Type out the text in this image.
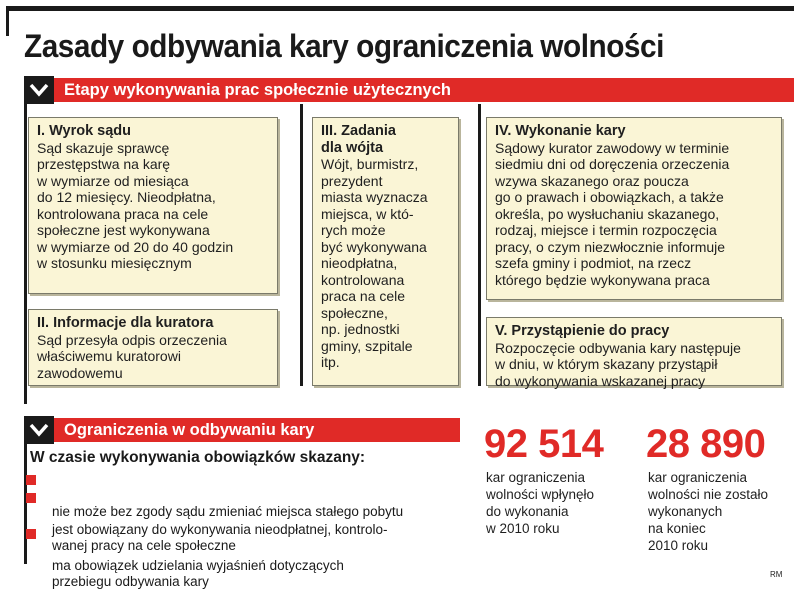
Zasady odbywania kary ograniczenia wolności
Etapy wykonywania prac społecznie użytecznych
I. Wyrok sądu
Sąd skazuje sprawcę
przestępstwa na karę
w wymiarze od miesiąca
do 12 miesięcy. Nieodpłatna,
kontrolowana praca na cele
społeczne jest wykonywana
w wymiarze od 20 do 40 godzin
w stosunku miesięcznym
II. Informacje dla kuratora
Sąd przesyła odpis orzeczenia
właściwemu kuratorowi
zawodowemu
III. Zadania
dla wójta
Wójt, burmistrz,
prezydent
miasta wyznacza
miejsca, w któ-
rych może
być wykonywana
nieodpłatna,
kontrolowana
praca na cele
społeczne,
np. jednostki
gminy, szpitale
itp.
IV. Wykonanie kary
Sądowy kurator zawodowy w terminie
siedmiu dni od doręczenia orzeczenia
wzywa skazanego oraz poucza
go o prawach i obowiązkach, a także
określa, po wysłuchaniu skazanego,
rodzaj, miejsce i termin rozpoczęcia
pracy, o czym niezwłocznie informuje
szefa gminy i podmiot, na rzecz
którego będzie wykonywana praca
V. Przystąpienie do pracy
Rozpoczęcie odbywania kary następuje
w dniu, w którym skazany przystąpił
do wykonywania wskazanej pracy
Ograniczenia w odbywaniu kary
W czasie wykonywania obowiązków skazany:

nie może bez zgody sądu zmieniać miejsca stałego pobytu

jest obowiązany do wykonywania nieodpłatnej, kontrolo-
wanej pracy na cele społeczne

ma obowiązek udzielania wyjaśnień dotyczących
przebiegu odbywania kary

92 514
kar ograniczenia
wolności wpłynęło
do wykonania
w 2010 roku
28 890
kar ograniczenia
wolności nie zostało
wykonanych
na koniec
2010 roku
RM
